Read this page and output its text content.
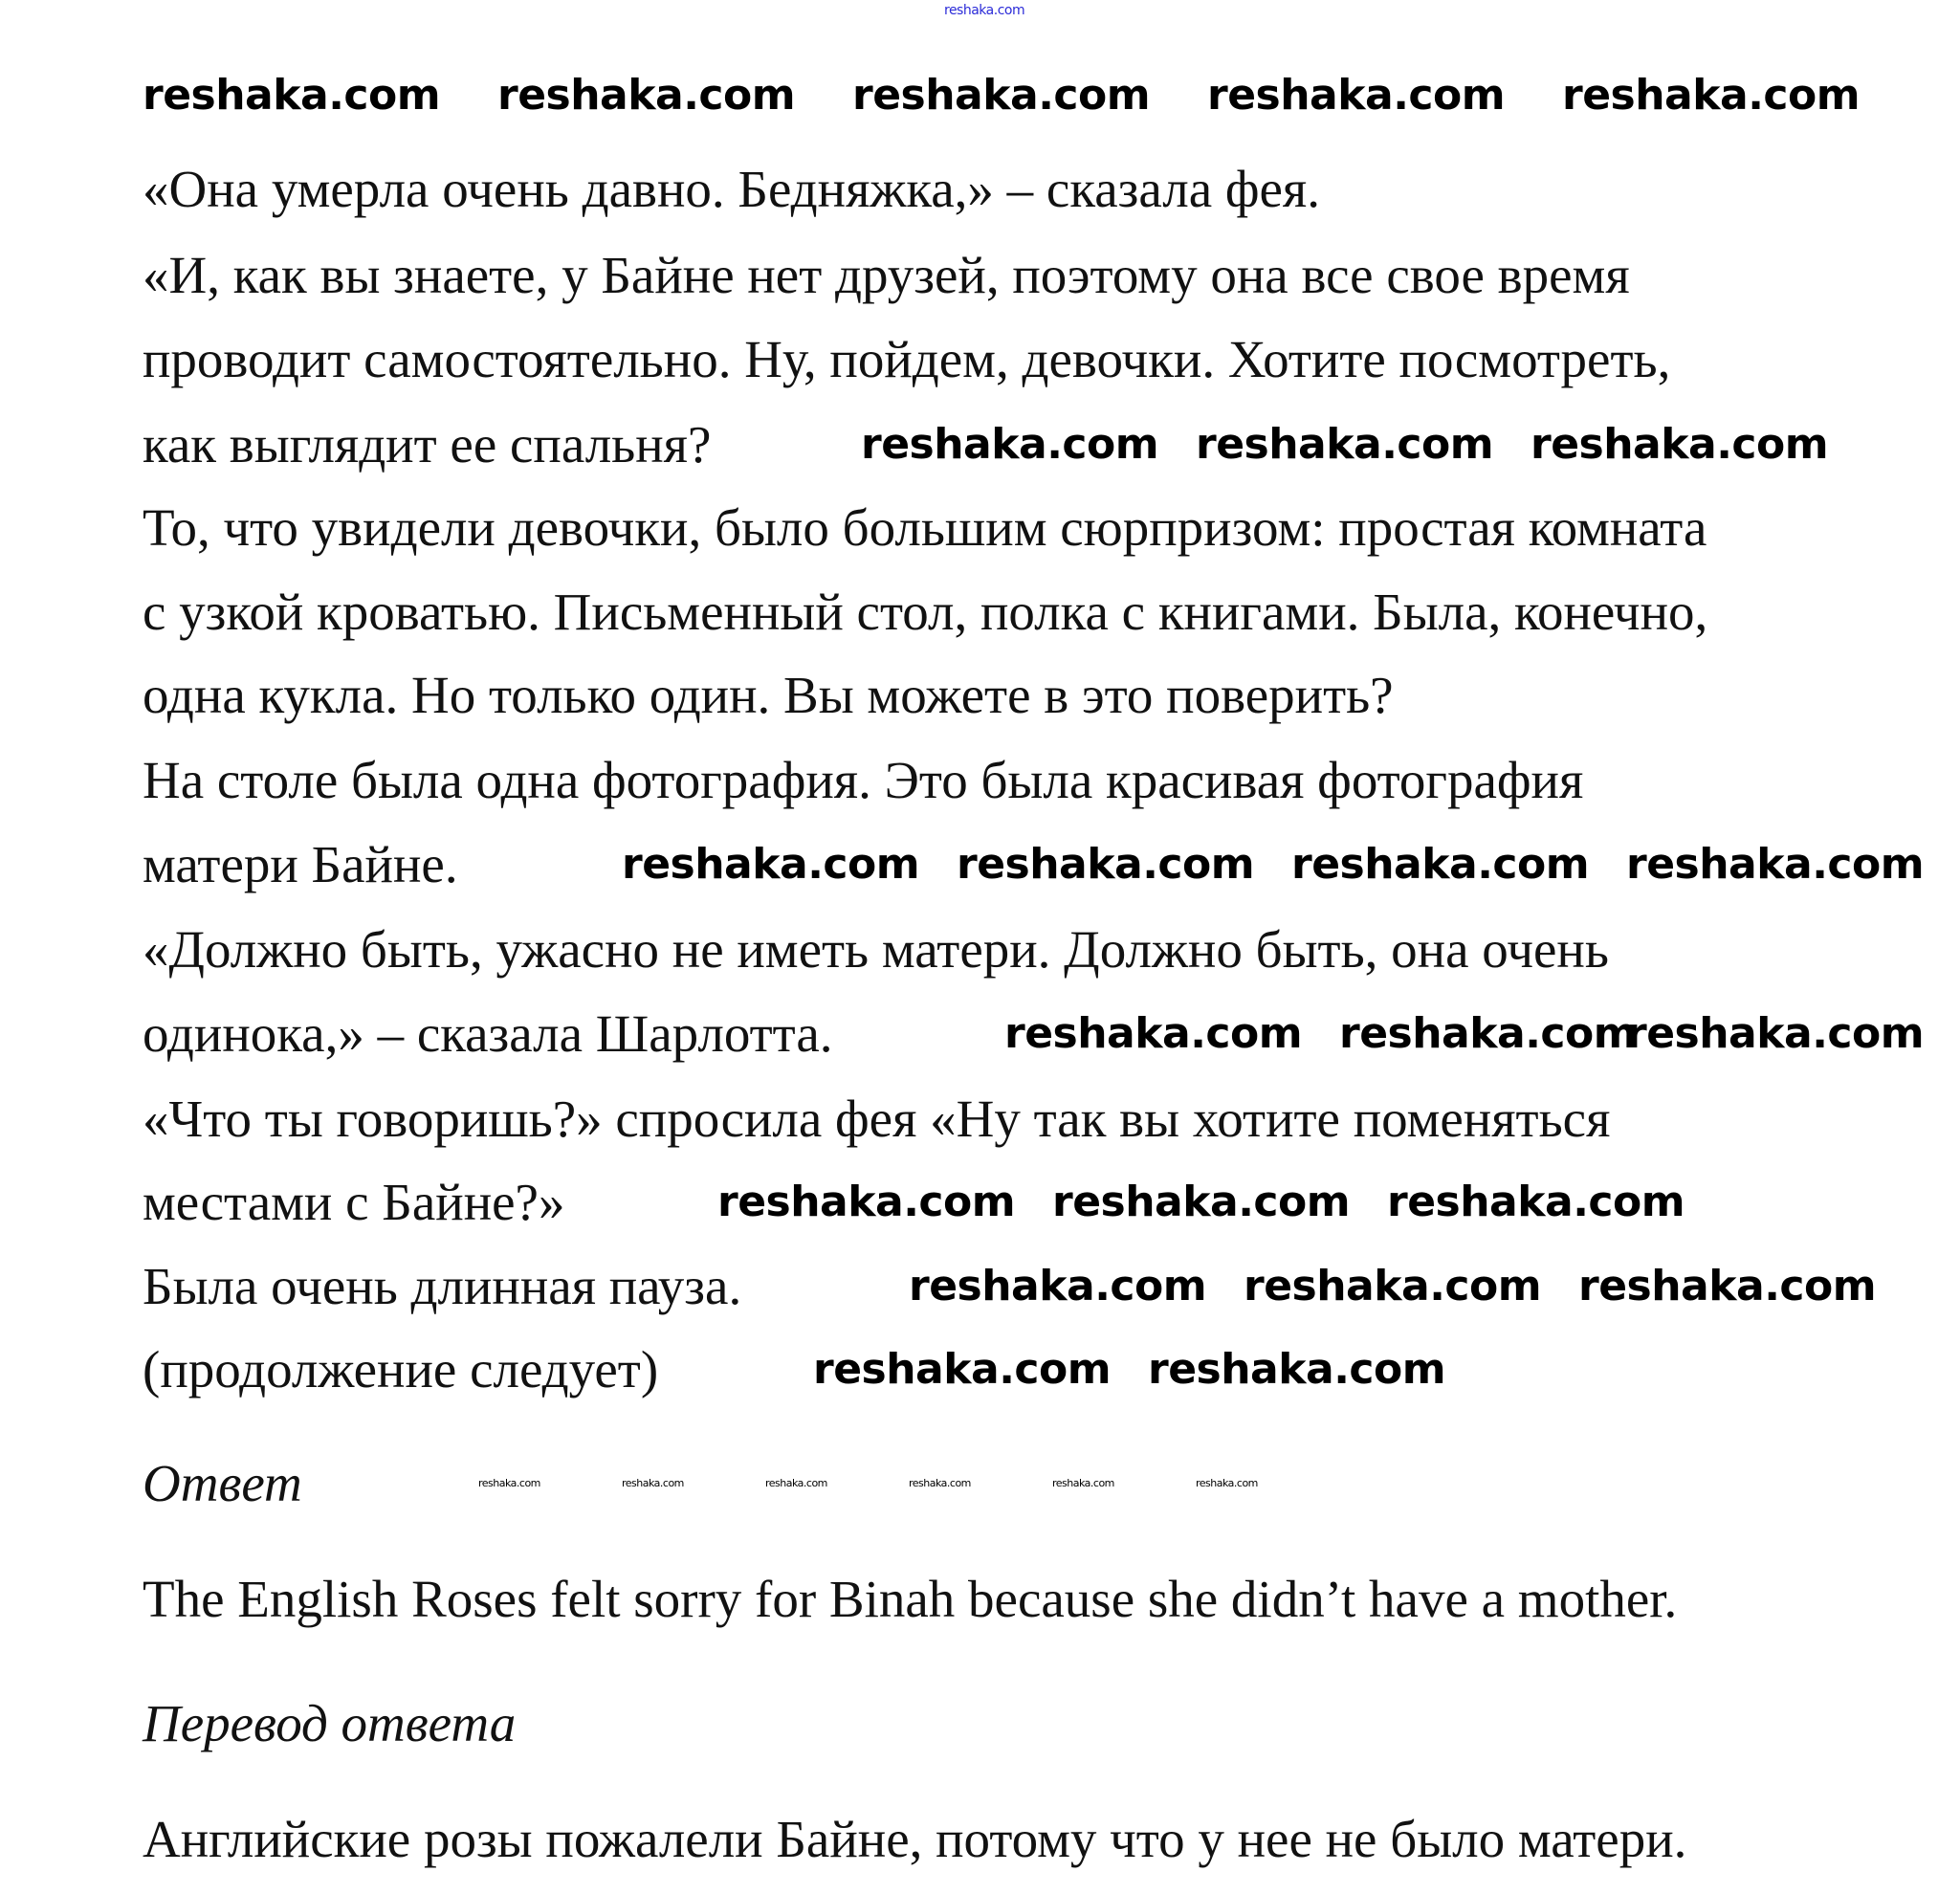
«Она умерла очень давно. Бедняжка,» – сказала фея.
«И, как вы знаете, у Байне нет друзей, поэтому она все свое время
проводит самостоятельно. Ну, пойдем, девочки. Хотите посмотреть,
как выглядит ее спальня?
То, что увидели девочки, было большим сюрпризом: простая комната
с узкой кроватью. Письменный стол, полка с книгами. Была, конечно,
одна кукла. Но только один. Вы можете в это поверить?
На столе была одна фотография. Это была красивая фотография
матери Байне.
«Должно быть, ужасно не иметь матери. Должно быть, она очень
одинока,» – сказала Шарлотта.
«Что ты говоришь?» спросила фея «Ну так вы хотите поменяться
местами с Байне?»
Была очень длинная пауза.
(продолжение следует)
Ответ
The English Roses felt sorry for Binah because she didn’t have a mother.
Перевод ответа
Английские розы пожалели Байне, потому что у нее не было матери.
reshaka.com reshaka.com reshaka.com reshaka.com reshaka.com
reshaka.com reshaka.com reshaka.com
reshaka.com reshaka.com reshaka.com reshaka.com
reshaka.com reshaka.com
reshaka.com
reshaka.com reshaka.com reshaka.com
reshaka.com reshaka.com reshaka.com
reshaka.com reshaka.com
reshaka.com	reshaka.com	reshaka.com	reshaka.com	reshaka.com	reshaka.com
reshaka.com
